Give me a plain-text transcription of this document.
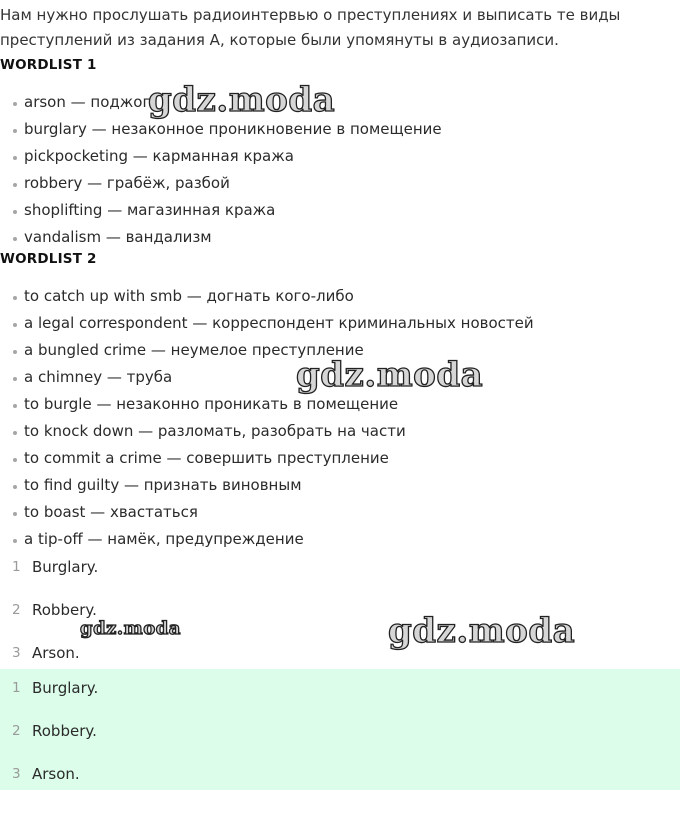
Нам нужно прослушать радиоинтервью о преступлениях и выписать те виды преступлений из задания А, которые были упомянуты в аудиозаписи.
WORDLIST 1
arson — поджог
burglary — незаконное проникновение в помещение
pickpocketing — карманная кража
robbery — грабёж, разбой
shoplifting — магазинная кража
vandalism — вандализм
WORDLIST 2
to catch up with smb — догнать кого-либо
a legal correspondent — корреспондент криминальных новостей
a bungled crime — неумелое преступление
a chimney — труба
to burgle — незаконно проникать в помещение
to knock down — разломать, разобрать на части
to commit a crime — совершить преступление
to find guilty — признать виновным
to boast — хвастаться
a tip-off — намёк, предупреждение
1 Burglary.
2 Robbery.
3 Arson.
1 Burglary.
2 Robbery.
3 Arson.
gdz.moda
gdz.moda
gdz.moda	gdz.moda
